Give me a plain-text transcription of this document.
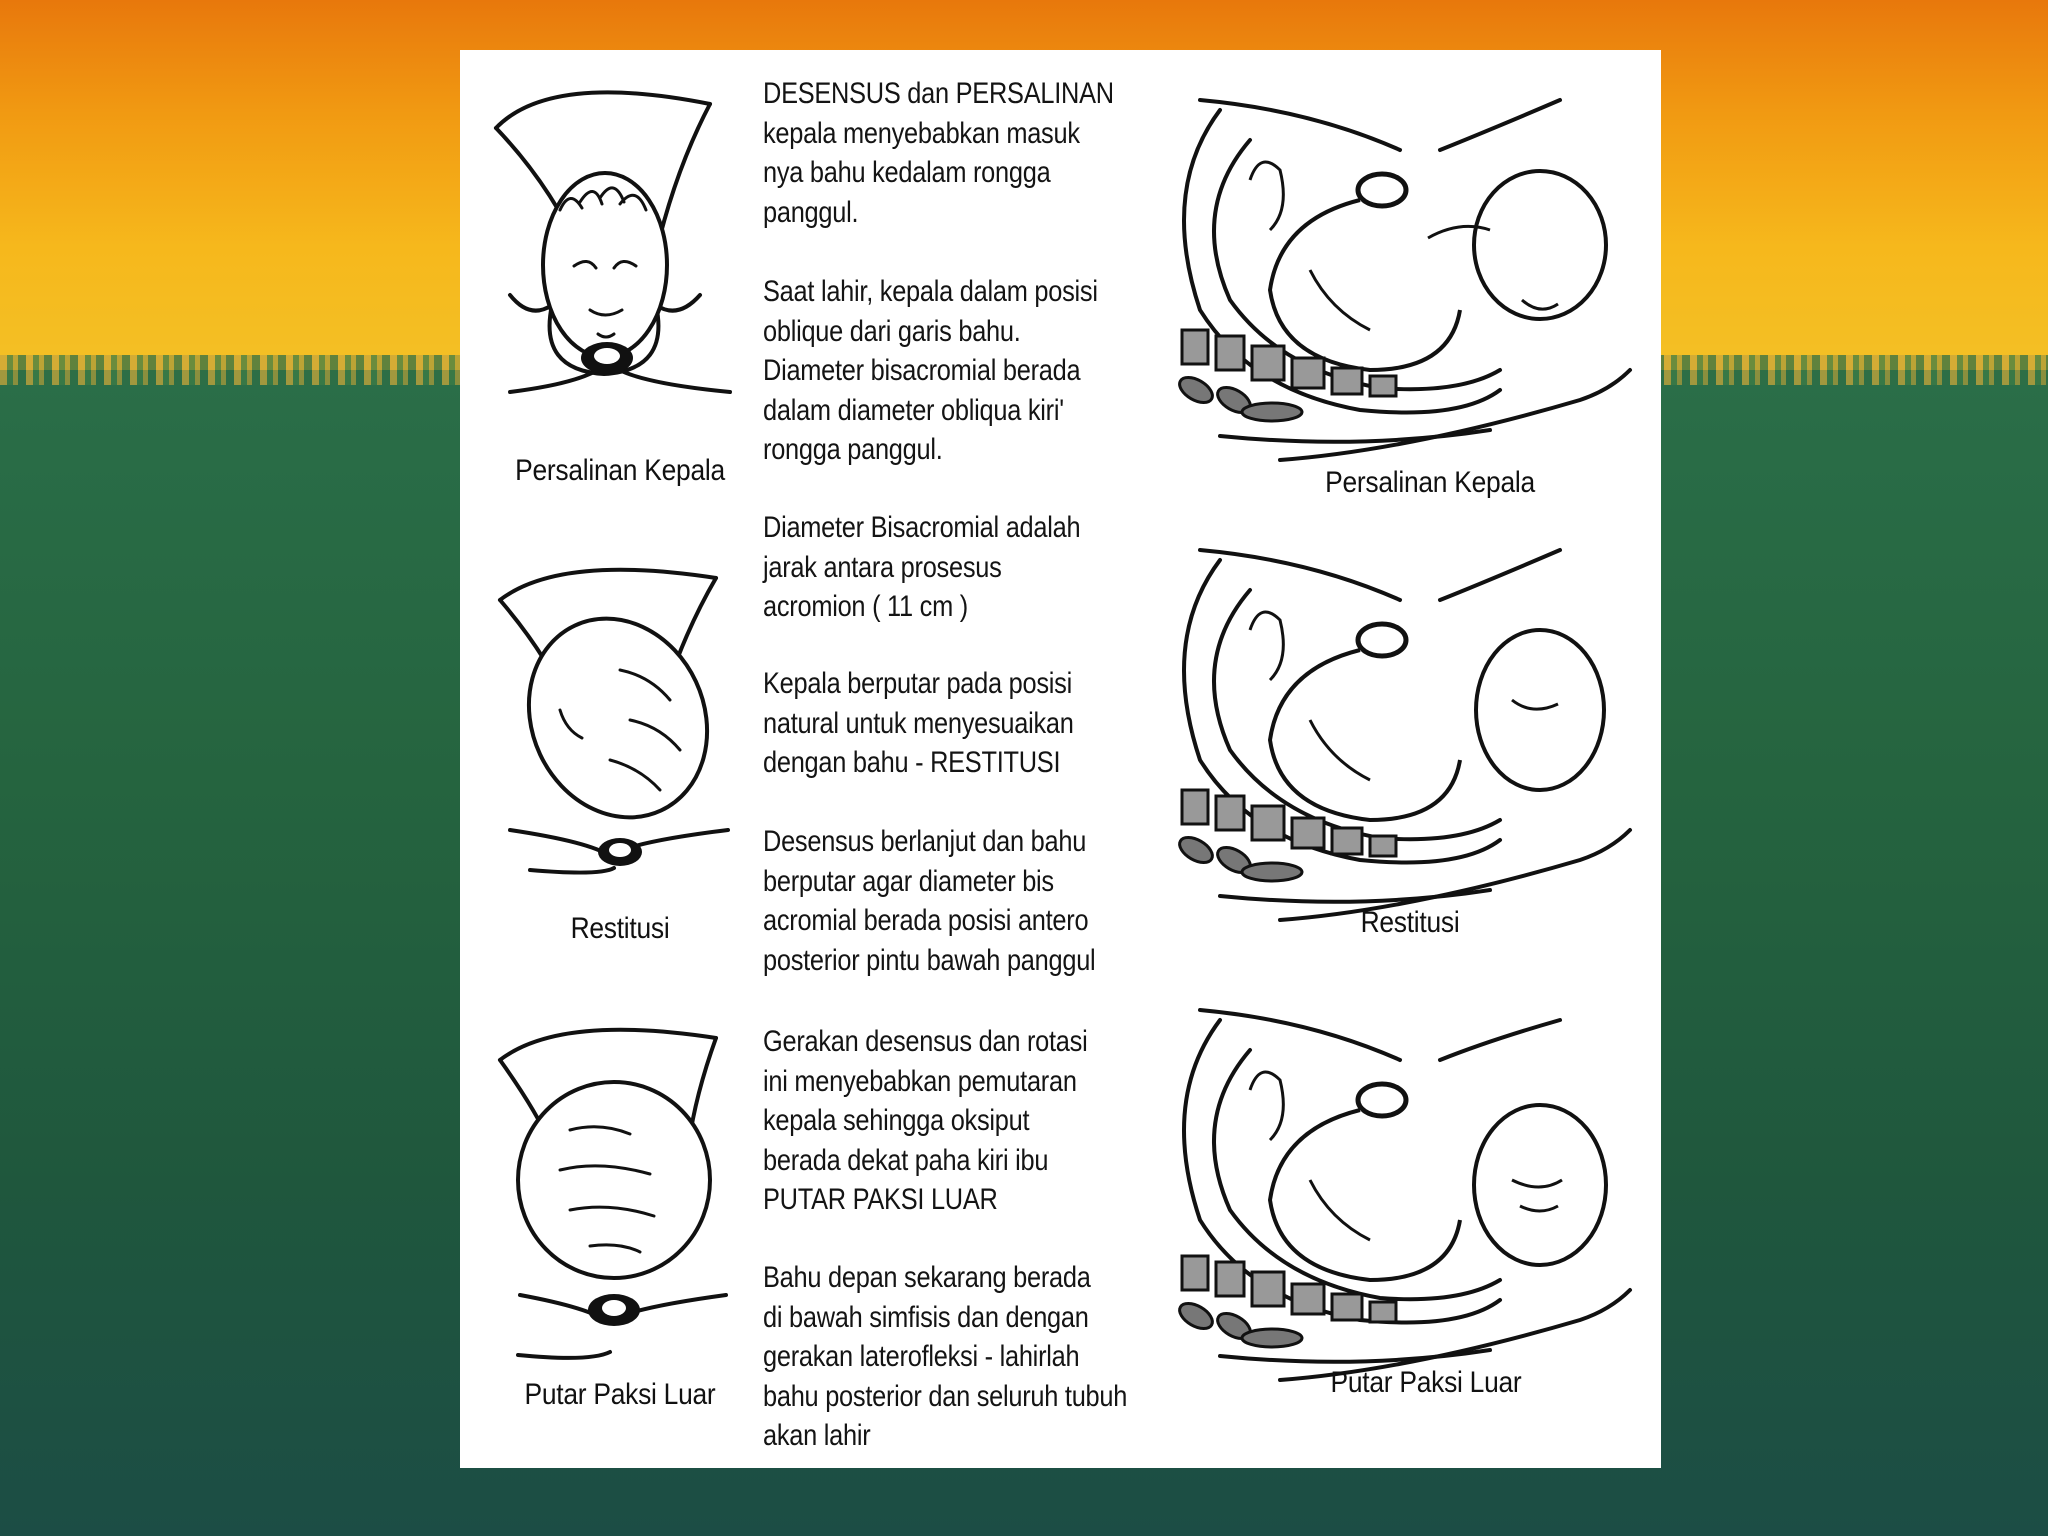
Persalinan Kepala
Restitusi
Putar Paksi Luar
DESENSUS dan PERSALINAN
kepala menyebabkan masuk
nya bahu kedalam rongga
panggul.
Saat lahir, kepala dalam posisi
oblique dari garis bahu.
Diameter bisacromial berada
dalam diameter obliqua kiri'
rongga panggul.
Diameter Bisacromial adalah
jarak antara prosesus
acromion ( 11 cm )
Kepala berputar pada posisi
natural untuk menyesuaikan
dengan bahu - RESTITUSI
Desensus berlanjut dan bahu
berputar agar diameter bis
acromial berada posisi antero
posterior pintu bawah panggul
Gerakan desensus dan rotasi
ini menyebabkan pemutaran
kepala sehingga oksiput
berada dekat paha kiri ibu
PUTAR PAKSI LUAR
Bahu depan sekarang berada
di bawah simfisis dan dengan
gerakan laterofleksi - lahirlah
bahu posterior dan seluruh tubuh
akan lahir
Persalinan Kepala
Restitusi
Putar Paksi Luar
